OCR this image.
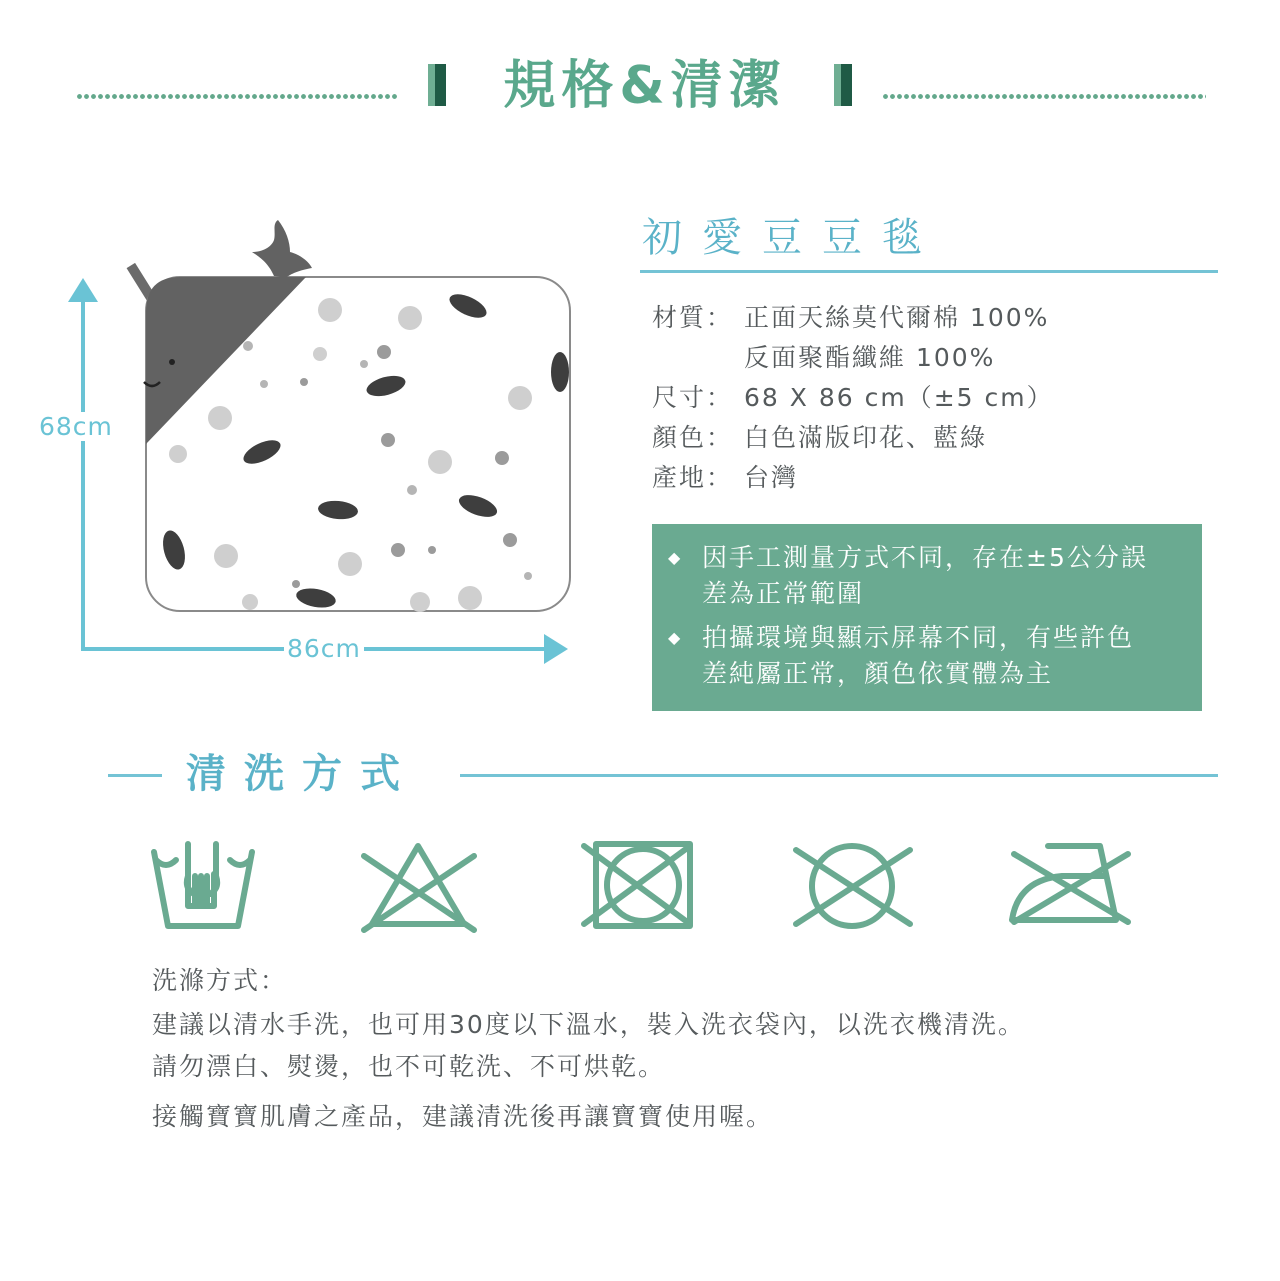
規格&清潔
68cm
86cm
初愛豆豆毯
材質： 正面天絲莫代爾棉 100%
反面聚酯纖維 100%
尺寸： 68 X 86 cm（±5 cm）
顏色： 白色滿版印花、藍綠
產地： 台灣
◆ 因手工測量方式不同，存在±5公分誤
差為正常範圍
◆ 拍攝環境與顯示屏幕不同，有些許色
差純屬正常，顏色依實體為主
清洗方式
洗滌方式：
建議以清水手洗，也可用30度以下溫水，裝入洗衣袋內，以洗衣機清洗。
請勿漂白、熨燙，也不可乾洗、不可烘乾。
接觸寶寶肌膚之產品，建議清洗後再讓寶寶使用喔。
